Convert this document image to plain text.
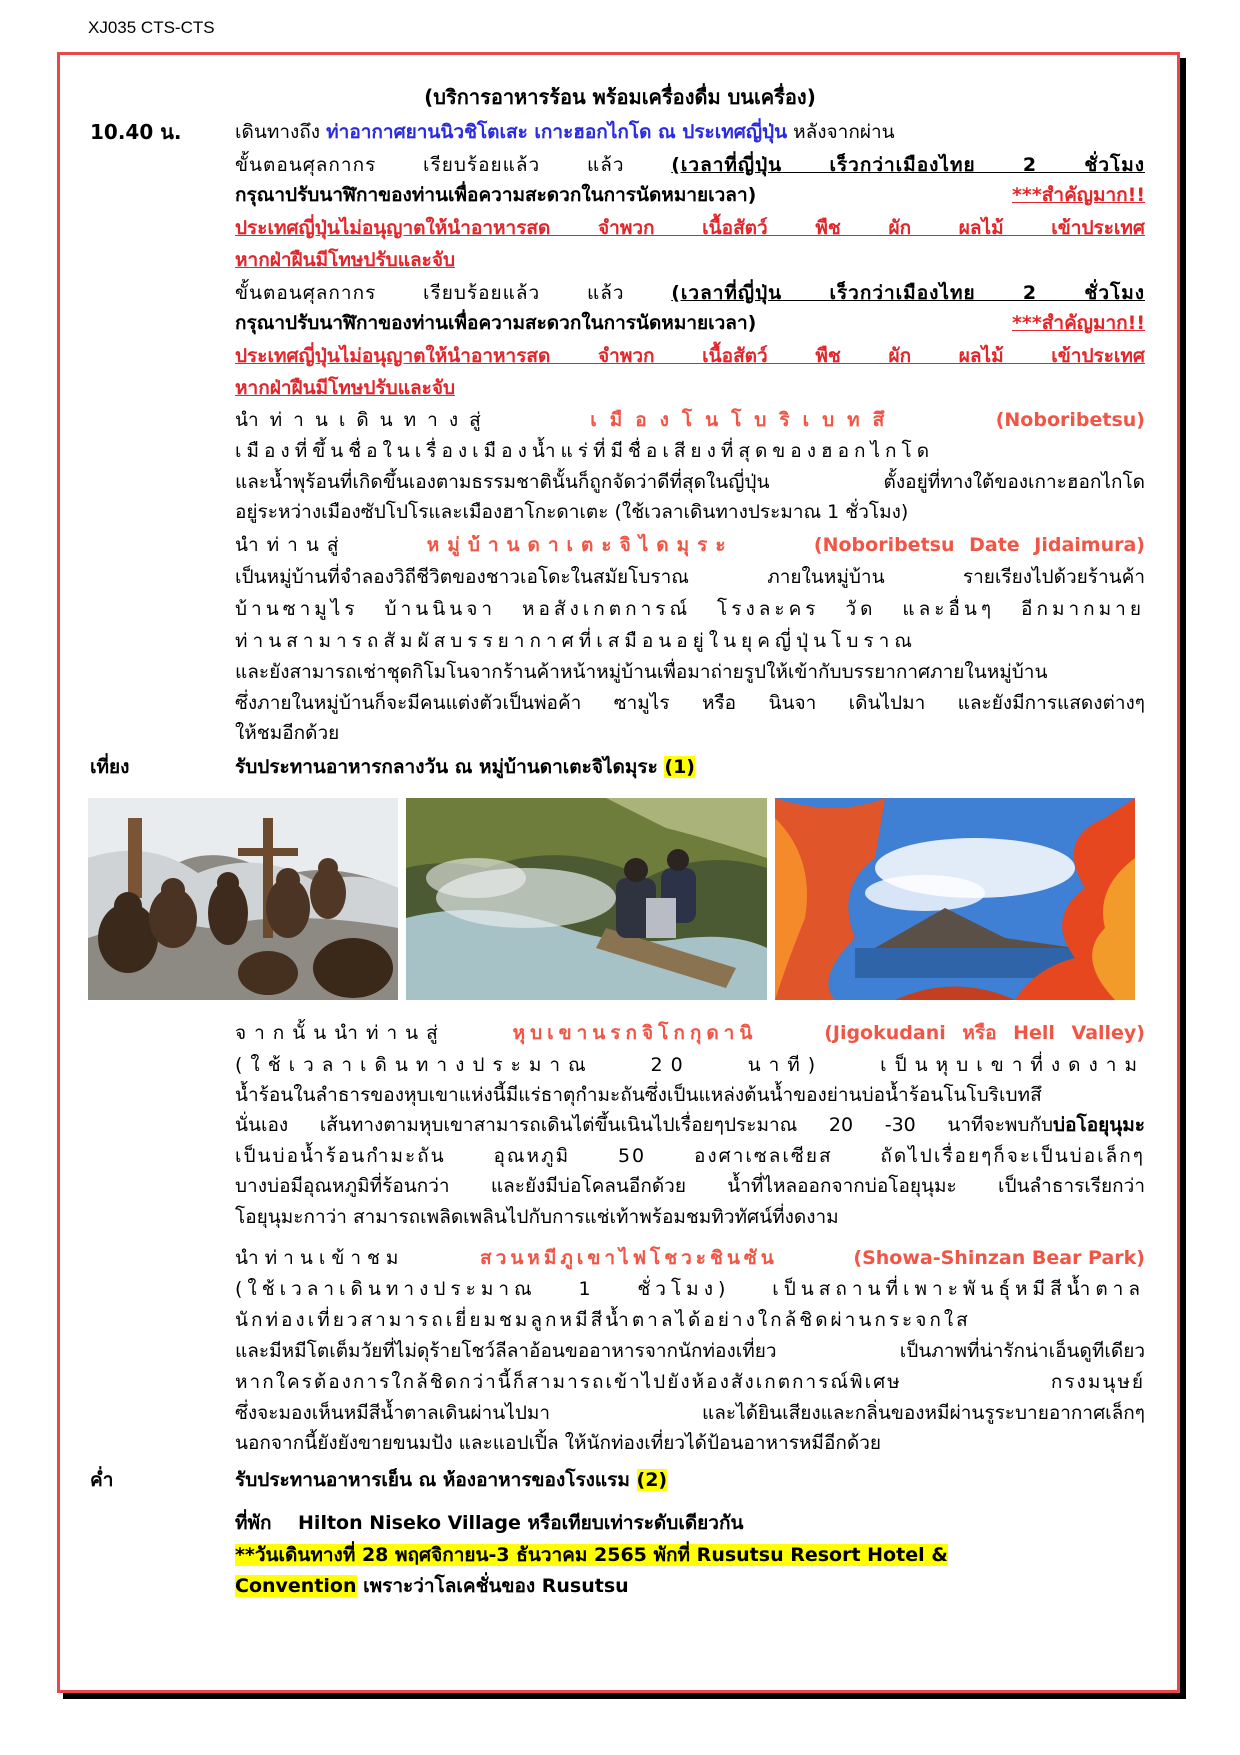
XJ035 CTS-CTS
(บริการอาหารร้อน พร้อมเครื่องดื่ม บนเครื่อง)
10.40 น.	เดินทางถึง ท่าอากาศยานนิวชิโตเสะ เกาะฮอกไกโด ณ ประเทศญี่ปุ่น หลังจากผ่าน
ขั้นตอนศุลกากร เรียบร้อยแล้ว แล้ว (เวลาที่ญี่ปุ่น เร็วกว่าเมืองไทย 2 ชั่วโมง
กรุณาปรับนาฬิกาของท่านเพื่อความสะดวกในการนัดหมายเวลา)	***สำคัญมาก!!
ประเทศญี่ปุ่นไม่อนุญาตให้นำอาหารสด จำพวก เนื้อสัตว์ พืช ผัก ผลไม้ เข้าประเทศ
หากฝ่าฝืนมีโทษปรับและจับ
ขั้นตอนศุลกากร เรียบร้อยแล้ว แล้ว (เวลาที่ญี่ปุ่น เร็วกว่าเมืองไทย 2 ชั่วโมง
กรุณาปรับนาฬิกาของท่านเพื่อความสะดวกในการนัดหมายเวลา)	***สำคัญมาก!!
ประเทศญี่ปุ่นไม่อนุญาตให้นำอาหารสด จำพวก เนื้อสัตว์ พืช ผัก ผลไม้ เข้าประเทศ
หากฝ่าฝืนมีโทษปรับและจับ
นำท่านเดินทางสู่	เมืองโนโบริเบทสึ	(Noboribetsu)
เมืองที่ขึ้นชื่อในเรื่องเมืองน้ำแร่ที่มีชื่อเสียงที่สุดของฮอกไกโด
และน้ำพุร้อนที่เกิดขึ้นเองตามธรรมชาตินั้นก็ถูกจัดว่าดีที่สุดในญี่ปุ่น ตั้งอยู่ที่ทางใต้ของเกาะฮอกไกโด
อยู่ระหว่างเมืองซัปโปโรและเมืองฮาโกะดาเตะ (ใช้เวลาเดินทางประมาณ 1 ชั่วโมง)
นำท่านสู่	หมู่บ้านดาเตะจิไดมุระ	(Noboribetsu Date Jidaimura)
เป็นหมู่บ้านที่จำลองวิถีชีวิตของชาวเอโดะในสมัยโบราณ ภายในหมู่บ้าน รายเรียงไปด้วยร้านค้า
บ้านซามูไร บ้านนินจา หอสังเกตการณ์ โรงละคร วัด และอื่นๆ อีกมากมาย
ท่านสามารถสัมผัสบรรยากาศที่เสมือนอยู่ในยุคญี่ปุ่นโบราณ
และยังสามารถเช่าชุดกิโมโนจากร้านค้าหน้าหมู่บ้านเพื่อมาถ่ายรูปให้เข้ากับบรรยากาศภายในหมู่บ้าน
ซึ่งภายในหมู่บ้านก็จะมีคนแต่งตัวเป็นพ่อค้า ซามูไร หรือ นินจา เดินไปมา และยังมีการแสดงต่างๆ
ให้ชมอีกด้วย
เที่ยง	รับประทานอาหารกลางวัน ณ หมู่บ้านดาเตะจิไดมุระ (1)
จากนั้นนำท่านสู่	หุบเขานรกจิโกกุดานิ	(Jigokudani หรือ Hell Valley)
(ใช้เวลาเดินทางประมาณ 20 นาที) เป็นหุบเขาที่งดงาม
น้ำร้อนในลำธารของหุบเขาแห่งนี้มีแร่ธาตุกำมะถันซึ่งเป็นแหล่งต้นน้ำของย่านบ่อน้ำร้อนโนโบริเบทสึ
นั่นเอง เส้นทางตามหุบเขาสามารถเดินไต่ขึ้นเนินไปเรื่อยๆประมาณ 20 -30 นาทีจะพบกับบ่อโอยุนุมะ
เป็นบ่อน้ำร้อนกำมะถัน อุณหภูมิ 50 องศาเซลเซียส ถัดไปเรื่อยๆก็จะเป็นบ่อเล็กๆ
บางบ่อมีอุณหภูมิที่ร้อนกว่า และยังมีบ่อโคลนอีกด้วย น้ำที่ไหลออกจากบ่อโอยุนุมะ เป็นลำธารเรียกว่า
โอยุนุมะกาว่า สามารถเพลิดเพลินไปกับการแช่เท้าพร้อมชมทิวทัศน์ที่งดงาม
นำท่านเข้าชม	สวนหมีภูเขาไฟโชวะชินซัน	(Showa-Shinzan Bear Park)
(ใช้เวลาเดินทางประมาณ 1 ชั่วโมง) เป็นสถานที่เพาะพันธุ์หมีสีน้ำตาล
นักท่องเที่ยวสามารถเยี่ยมชมลูกหมีสีน้ำตาลได้อย่างใกล้ชิดผ่านกระจกใส
และมีหมีโตเต็มวัยที่ไม่ดุร้ายโชว์ลีลาอ้อนขออาหารจากนักท่องเที่ยว เป็นภาพที่น่ารักน่าเอ็นดูทีเดียว
หากใครต้องการใกล้ชิดกว่านี้ก็สามารถเข้าไปยังห้องสังเกตการณ์พิเศษ กรงมนุษย์
ซึ่งจะมองเห็นหมีสีน้ำตาลเดินผ่านไปมา และได้ยินเสียงและกลิ่นของหมีผ่านรูระบายอากาศเล็กๆ
นอกจากนี้ยังยังขายขนมปัง และแอปเปิ้ล ให้นักท่องเที่ยวได้ป้อนอาหารหมีอีกด้วย
ค่ำ	รับประทานอาหารเย็น ณ ห้องอาหารของโรงแรม (2)
ที่พัก Hilton Niseko Village หรือเทียบเท่าระดับเดียวกัน
**วันเดินทางที่ 28 พฤศจิกายน-3 ธันวาคม 2565 พักที่ Rusutsu Resort Hotel &
Convention เพราะว่าโลเคชั่นของ Rusutsu
